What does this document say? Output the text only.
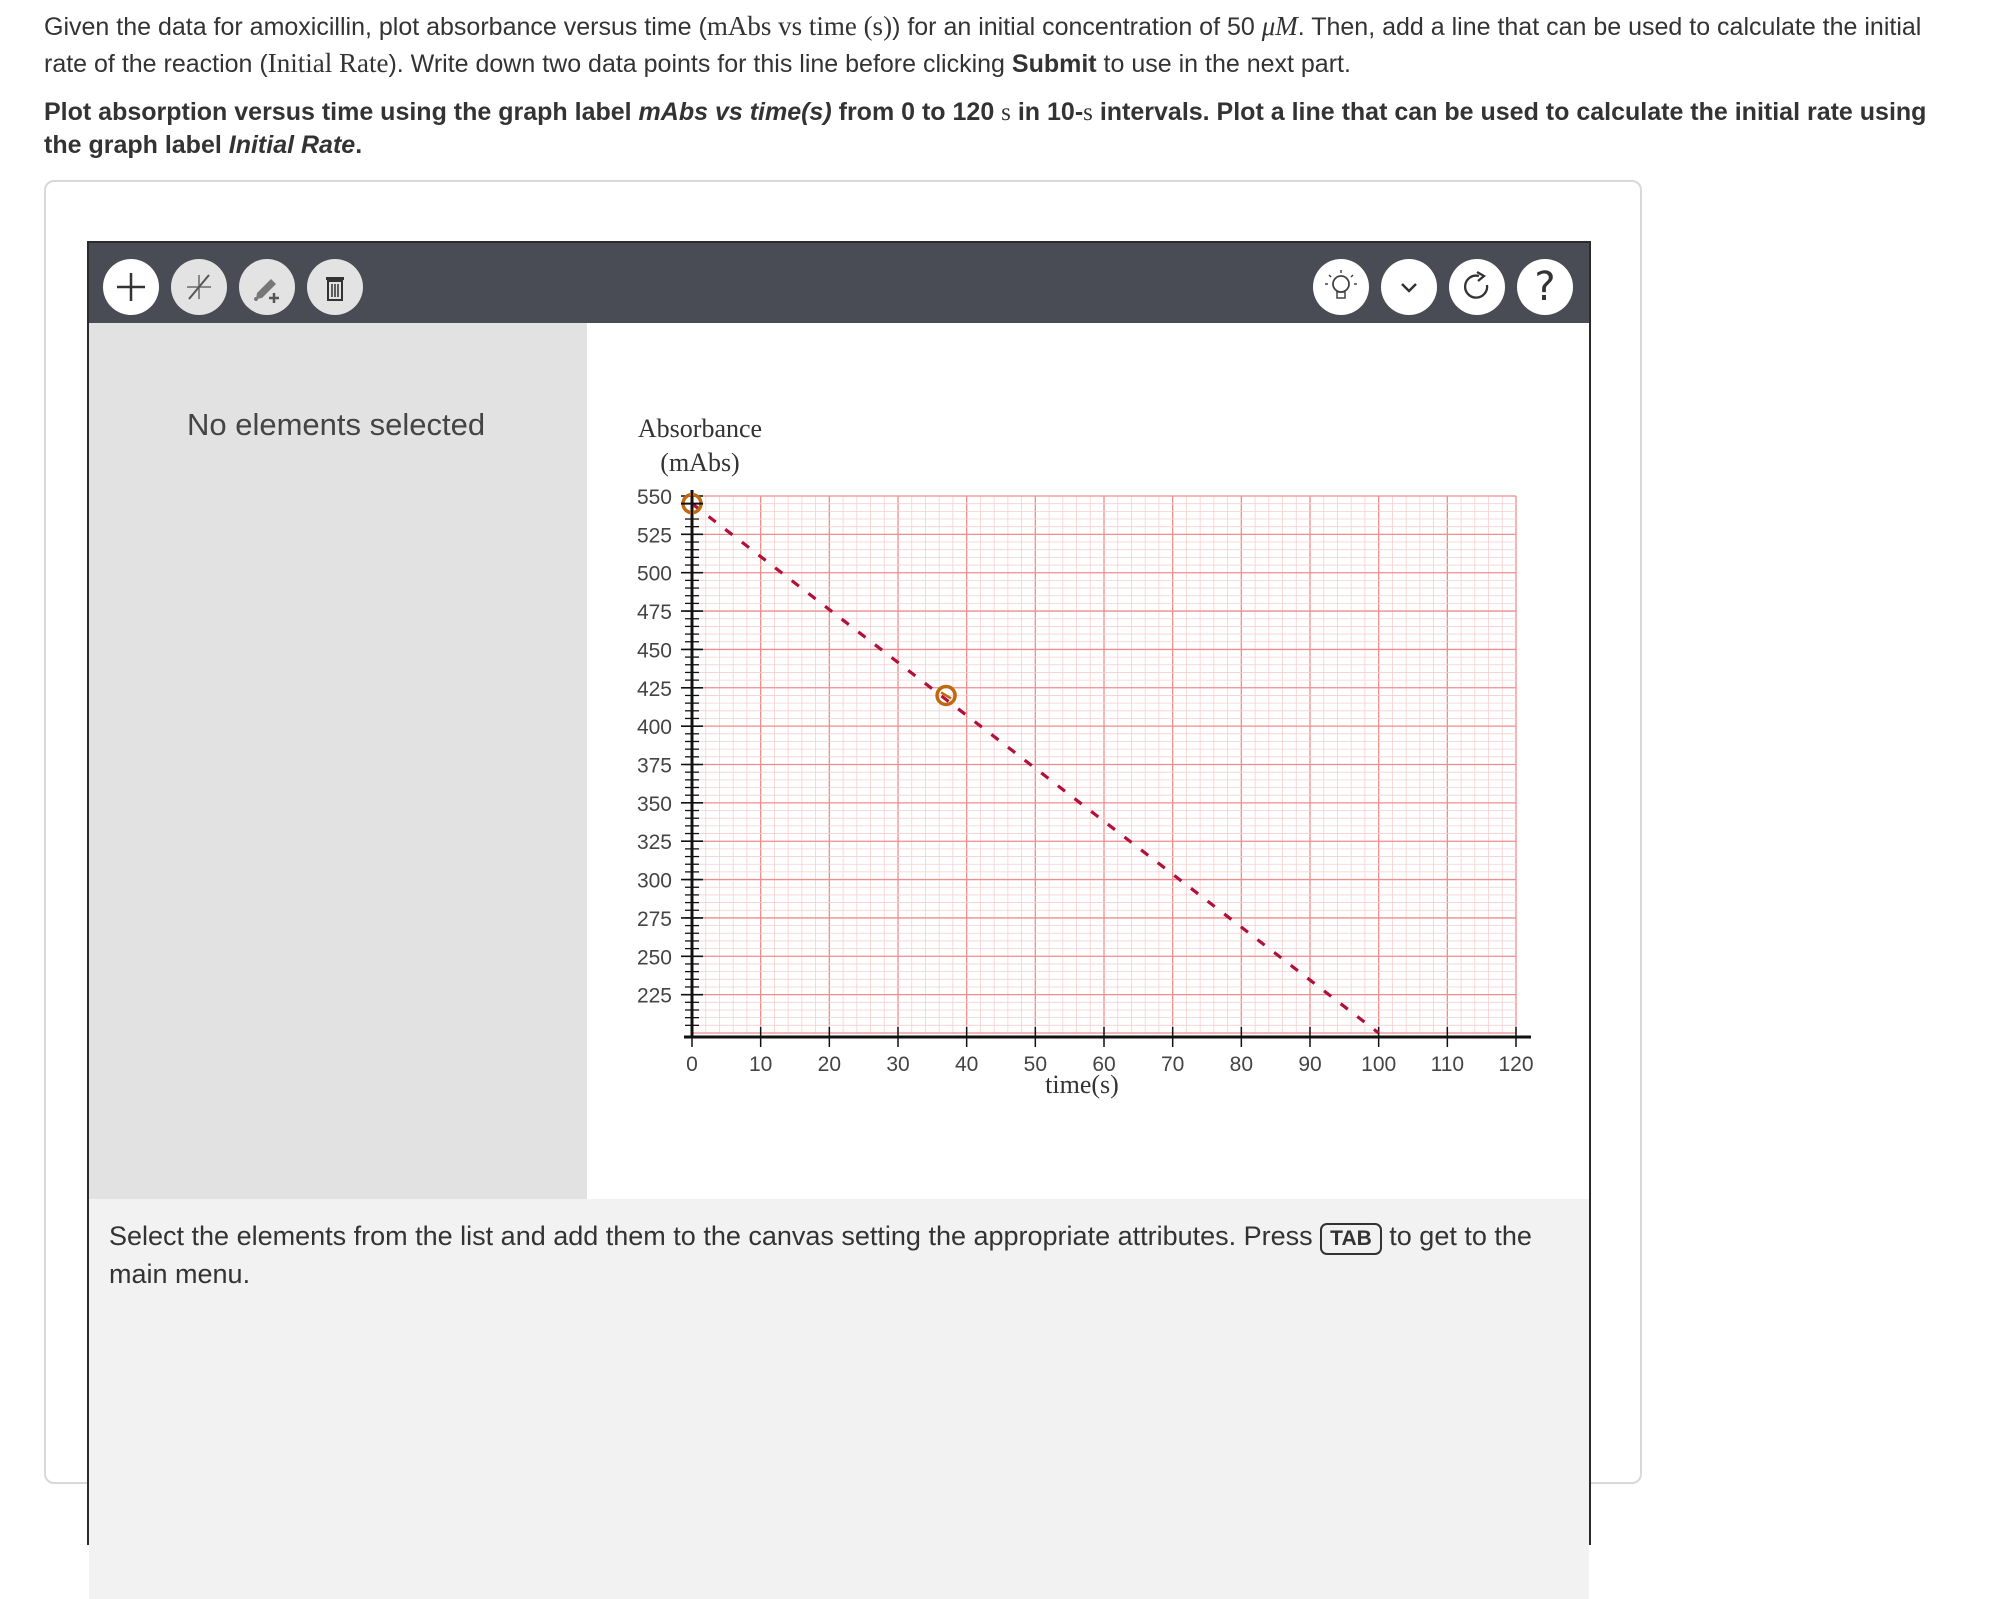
Given the data for amoxicillin, plot absorbance versus time (mAbs vs time (s)) for an initial concentration of 50 μM. Then, add a line that can be used to calculate the initial rate of the reaction (Initial Rate). Write down two data points for this line before clicking Submit to use in the next part.
Plot absorption versus time using the graph label mAbs vs time(s) from 0 to 120 s in 10-s intervals. Plot a line that can be used to calculate the initial rate using the graph label Initial Rate.
?
No elements selected
0 10 20 30 40 50 60 70 80 90 100 110 120
550
525
500
475
450
425
400
375
350
325
300
275
250
225
Absorbance
(mAbs)
time(s)
Select the elements from the list and add them to the canvas setting the appropriate attributes. Press TAB to get to the main menu.
